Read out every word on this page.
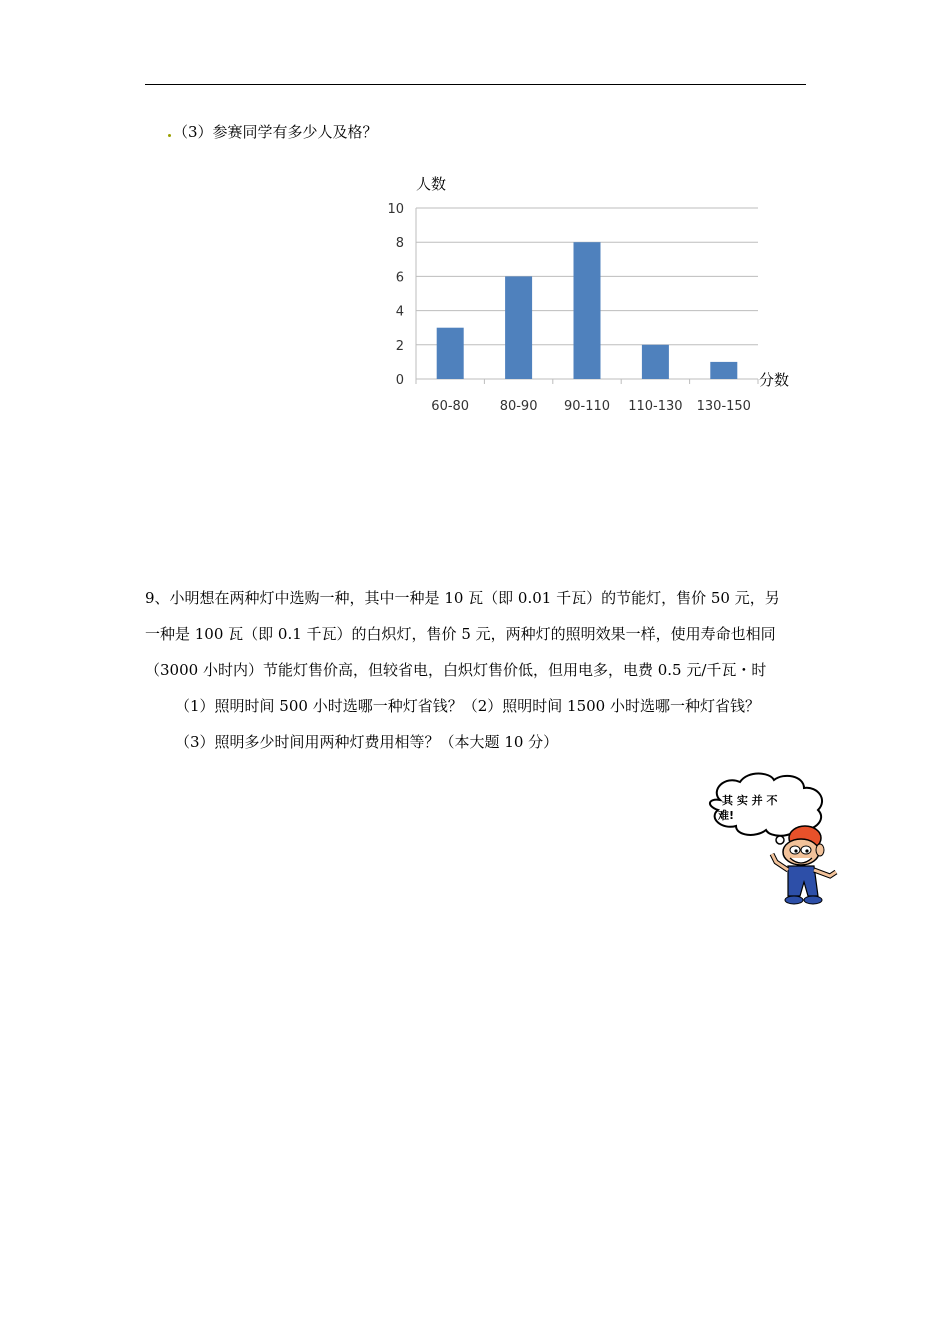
（3）参赛同学有多少人及格？
人数
分数
0
2
4
6
8
10
60-80 80-90 90-110 110-130 130-150

9、小明想在两种灯中选购一种，其中一种是 10 瓦（即 0.01 千瓦）的节能灯，售价 50 元，另

一种是 100 瓦（即 0.1 千瓦）的白炽灯，售价 5 元，两种灯的照明效果一样，使用寿命也相同

（3000 小时内）节能灯售价高，但较省电，白炽灯售价低，但用电多，电费 0.5 元/千瓦・时

（1）照明时间 500 小时选哪一种灯省钱？（2）照明时间 1500 小时选哪一种灯省钱？

（3）照明多少时间用两种灯费用相等？（本大题 10 分）

其 实 并 不
难!
